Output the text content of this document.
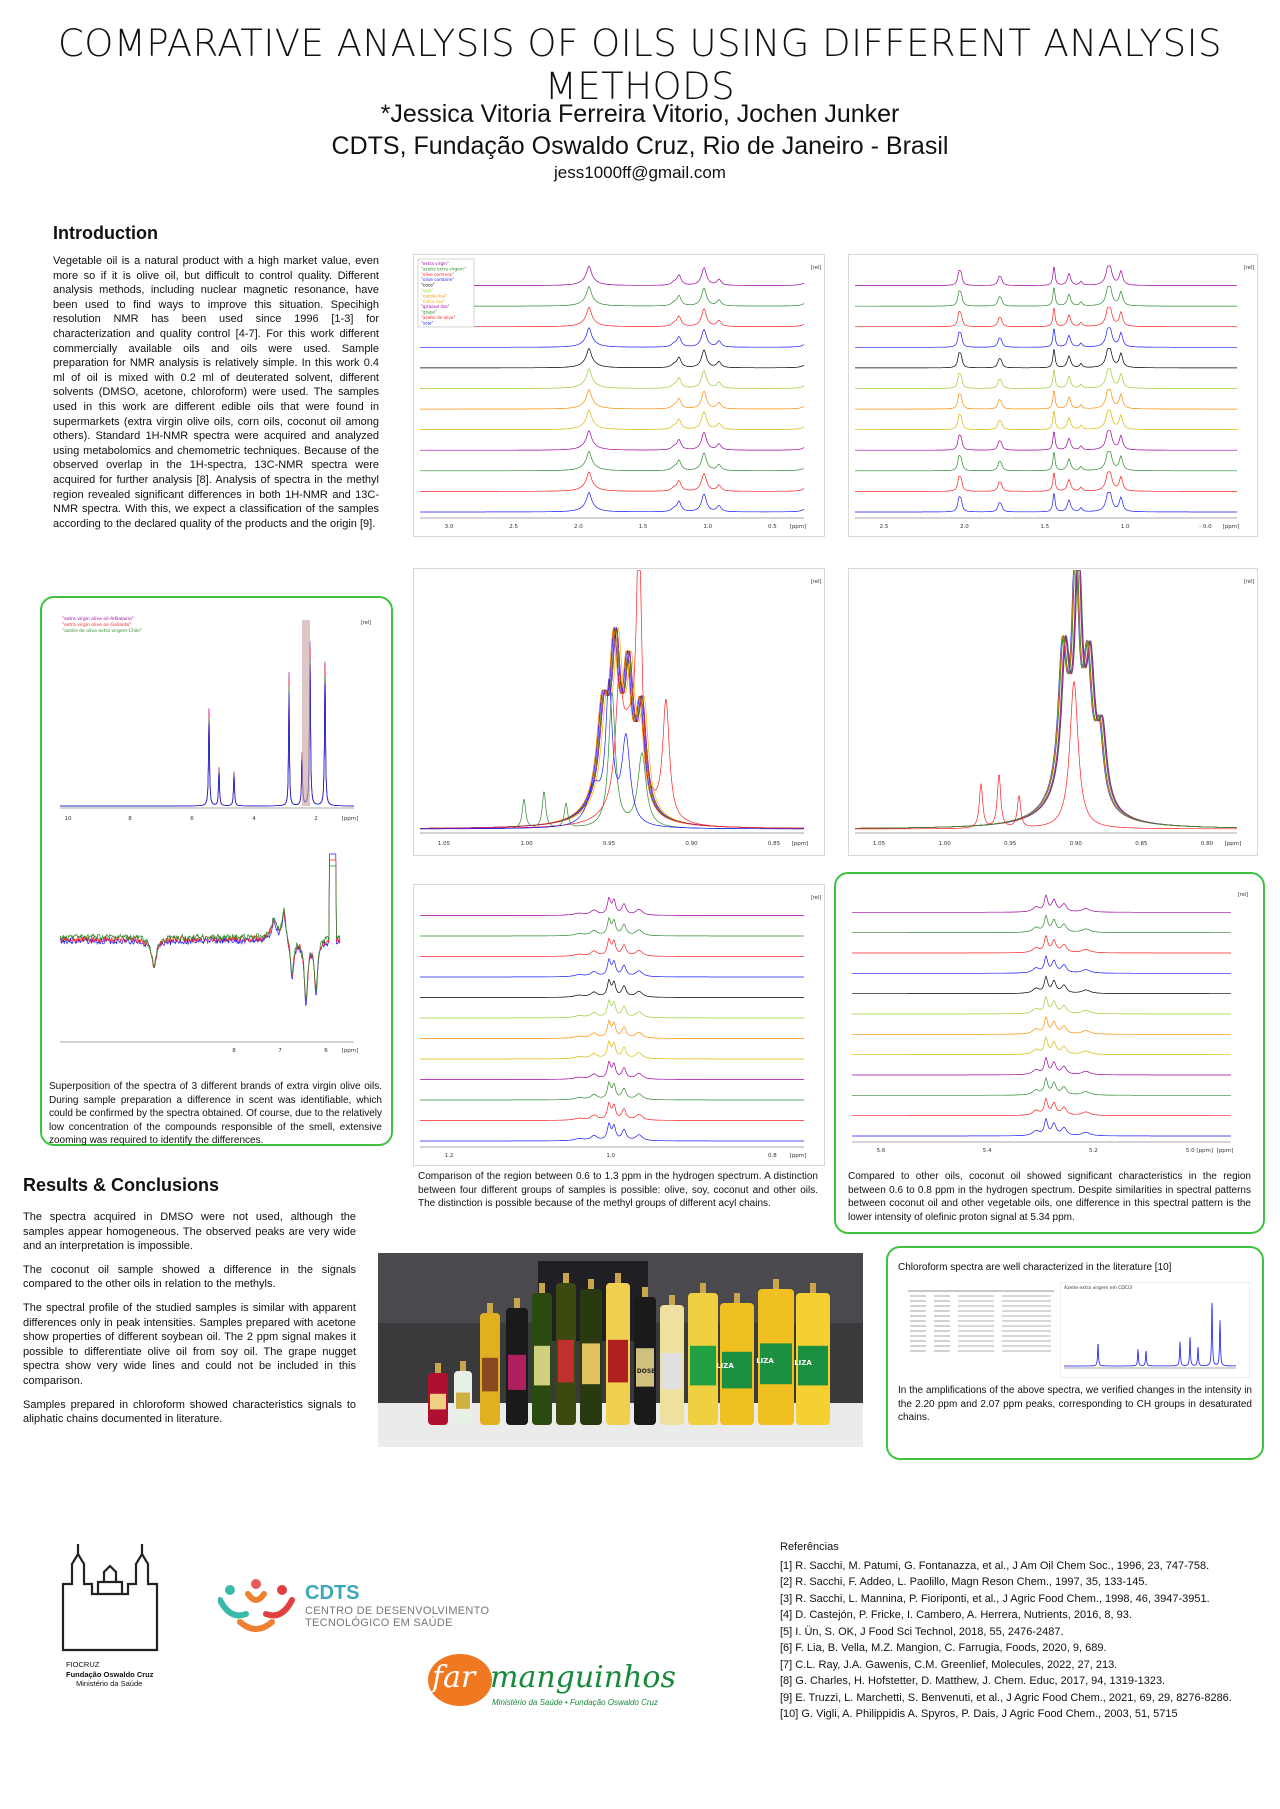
COMPARATIVE ANALYSIS OF OILS USING DIFFERENT ANALYSIS METHODS
*Jessica Vitoria Ferreira Vitorio, Jochen Junker
CDTS, Fundação Oswaldo Cruz, Rio de Janeiro - Brasil
jess1000ff@gmail.com
Introduction

Vegetable oil is a natural product with a high market value, even more so if it is olive oil, but difficult to control quality. Different analysis methods, including nuclear magnetic resonance, have been used to find ways to improve this situation. Specihigh resolution NMR has been used since 1996 [1-3] for characterization and quality control [4-7]. For this work different commercially available oils and oils were used. Sample preparation for NMR analysis is relatively simple. In this work 0.4 ml of oil is mixed with 0.2 ml of deuterated solvent, different solvents (DMSO, acetone, chloroform) were used. The samples used in this work are different edible oils that were found in supermarkets (extra virgin olive oils, corn oils, coconut oil among others). Standard 1H-NMR spectra were acquired and analyzed using metabolomics and chemometric techniques. Because of the observed overlap in the 1H-spectra, 13C-NMR spectra were acquired for further analysis [8]. Analysis of spectra in the methyl region revealed significant differences in both 1H-NMR and 13C-NMR spectra. With this, we expect a classification of the samples according to the declared quality of the products and the origin [9].

10	8	6	4	2	[ppm]
[rel]
"extra virgin olive oil-ArBalaino"
"extra virgin olive oil-Gallardo"
"azeite de oliva extra virgem-Chile"
6
7
8	[ppm]

Superposition of the spectra of 3 different brands of extra virgin olive oils. During sample preparation a difference in scent was identifiable, which could be confirmed by the spectra obtained. Of course, due to the relatively low concentration of the compounds responsible of the smell, extensive zooming was required to identify the differences.

Results & Conclusions

The spectra acquired in DMSO were not used, although the samples appear homogeneous. The observed peaks are very wide and an interpretation is impossible.

The coconut oil sample showed a difference in the signals compared to the other oils in relation to the methyls.

The spectral profile of the studied samples is similar with apparent differences only in peak intensities. Samples prepared with acetone show properties of different soybean oil. The 2 ppm signal makes it possible to differentiate olive oil from soy oil. The grape nugget spectra show very wide lines and could not be included in this comparison.

Samples prepared in chloroform showed characteristics signals to aliphatic chains documented in literature.

3.0	2.5	2.0	1.5	1.0	0.5 [ppm]
[rel]
"extra virgin"
"azeite extra virgem"
"olive common"
"olive combine"
"coco"
"soja"
"canola lisa"
"milho liza"
"girassol liza"
"grape"
"azeite de oliva"
"soja"
2.5	2.0	1.5	1.0	- 0.0 [ppm]
[rel]
1.05	1.00	0.95	0.90	0.85 [ppm]
[rel]
1.05	1.00	0.95	0.90	0.85	0.80 [ppm]
[rel]
1.2	1.0	0.8 [ppm]
[rel]

Comparison of the region between 0.6 to 1.3 ppm in the hydrogen spectrum. A distinction between four different groups of samples is possible: olive, soy, coconut and other oils. The distinction is possible because of the methyl groups of different acyl chains.

5.6	5.4	5.2	5.0 [ppm] [ppm]
[rel]

Compared to other oils, coconut oil showed significant characteristics in the region between 0.6 to 0.8 ppm in the hydrogen spectrum. Despite similarities in spectral patterns between coconut oil and other vegetable oils, one difference in this spectral pattern is the lower intensity of olefinic proton signal at 5.34 ppm.

LIZA
LIZA	LIZA
DOSE
Chloroform spectra are well characterized in the literature [10]
Azeite extra virgem em CDCl3

In the amplifications of the above spectra, we verified changes in the intensity in the 2.20 ppm and 2.07 ppm peaks, corresponding to CH groups in desaturated chains.

FIOCRUZ
Fundação Oswaldo Cruz
Ministério da Saúde
CDTS
CENTRO DE DESENVOLVIMENTO
TECNOLÓGICO EM SAÚDE
far manguinhos
Ministério da Saúde • Fundação Oswaldo Cruz
Referências
[1] R. Sacchi, M. Patumi, G. Fontanazza, et al., J Am Oil Chem Soc., 1996, 23, 747-758.
[2] R. Sacchi, F. Addeo, L. Paolillo, Magn Reson Chem., 1997, 35, 133-145.
[3] R. Sacchi, L. Mannina, P. Fioriponti, et al., J Agric Food Chem., 1998, 46, 3947-3951.
[4] D. Castejón, P. Fricke, I. Cambero, A. Herrera, Nutrients, 2016, 8, 93.
[5] I. Ün, S. OK, J Food Sci Technol, 2018, 55, 2476-2487.
[6] F. Lia, B. Vella, M.Z. Mangion, C. Farrugia, Foods, 2020, 9, 689.
[7] C.L. Ray, J.A. Gawenis, C.M. Greenlief, Molecules, 2022, 27, 213.
[8] G. Charles, H. Hofstetter, D. Matthew, J. Chem. Educ, 2017, 94, 1319-1323.
[9] E. Truzzi, L. Marchetti, S. Benvenuti, et al., J Agric Food Chem., 2021, 69, 29, 8276-8286.
[10] G. Vigli, A. Philippidis A. Spyros, P. Dais, J Agric Food Chem., 2003, 51, 5715
